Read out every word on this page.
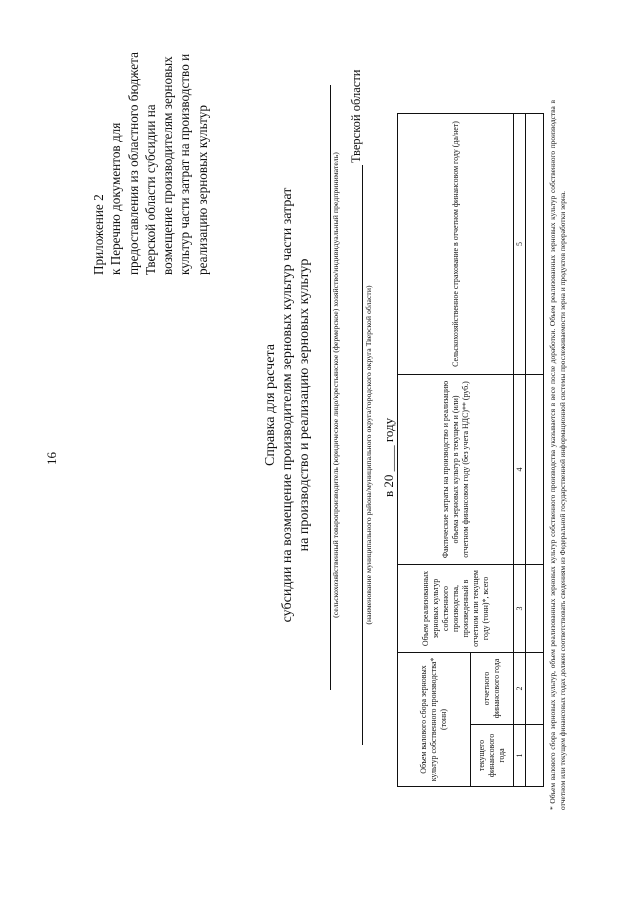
16
Приложение 2 к Перечню документов для предоставления из областного бюджета Тверской области субсидии на возмещение производителям зерновых культур части затрат на производство и реализацию зерновых культур
Справка для расчета субсидии на возмещение производителям зерновых культур части затрат на производство и реализацию зерновых культур (сельскохозяйственный товаропроизводитель (юридическое лицо/крестьянское (фермерское) хозяйство/индивидуальный предприниматель)
Тверской области
(наименование муниципального района/муниципального округа/городского округа Тверской области) в 20 ____ году
Объем валового сбора зерновых культур собственного производства* (тонн)		Объем реализованных зерновых культур собственного производства, произведенный в отчетном или текущем году (тонн)*, всего	Фактические затраты на производство и реализацию объема зерновых культур в текущем и (или) отчетном финансовом году (без учета НДС)** (руб.)	Сельскохозяйственное страхование в отчетном финансовом году (да/нет)
текущего финансового года	отчетного финансового года			
1	2	3	4	5
					* Объем валового сбора зерновых культур, объем реализованных зерновых культур собственного производства указывается в весе после доработки. Объем реализованных зерновых культур собственного производства в отчетном или текущем финансовых годах должен соответствовать сведениям из Федеральной государственной информационной системы прослеживаемости зерна и продуктов переработки зерна.
